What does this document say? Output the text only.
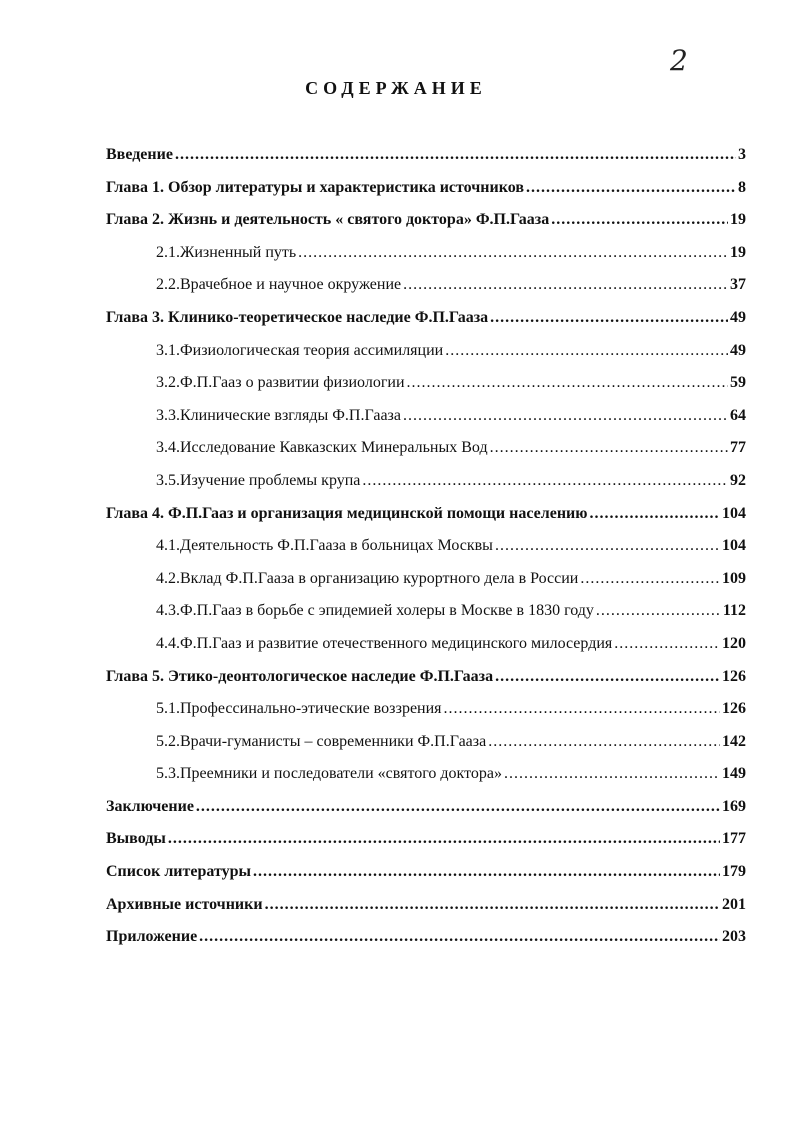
2
СОДЕРЖАНИЕ
Введение .....	3
Глава 1. Обзор литературы и характеристика источников .....	8
Глава 2. Жизнь и деятельность « святого доктора» Ф.П.Гааза .....	19
2.1.Жизненный путь .....	19
2.2.Врачебное и научное окружение .....	37
Глава 3. Клинико-теоретическое наследие Ф.П.Гааза .....	49
3.1.Физиологическая теория ассимиляции .....	49
3.2.Ф.П.Гааз о развитии физиологии .....	59
3.3.Клинические взгляды Ф.П.Гааза .....	64
3.4.Исследование Кавказских Минеральных Вод .....	77
3.5.Изучение проблемы крупа .....	92
Глава 4. Ф.П.Гааз и организация медицинской помощи населению .....	104
4.1.Деятельность Ф.П.Гааза в больницах Москвы .....	104
4.2.Вклад Ф.П.Гааза в организацию курортного дела в России .....	109
4.3.Ф.П.Гааз в борьбе с эпидемией холеры в Москве в 1830 году .....	112
4.4.Ф.П.Гааз и развитие отечественного медицинского милосердия .....	120
Глава 5. Этико-деонтологическое наследие Ф.П.Гааза .....	126
5.1.Профессинально-этические воззрения .....	126
5.2.Врачи-гуманисты – современники Ф.П.Гааза .....	142
5.3.Преемники и последователи «святого доктора» .....	149
Заключение .....	169
Выводы .....	177
Список литературы .....	179
Архивные источники .....	201
Приложение .....	203
